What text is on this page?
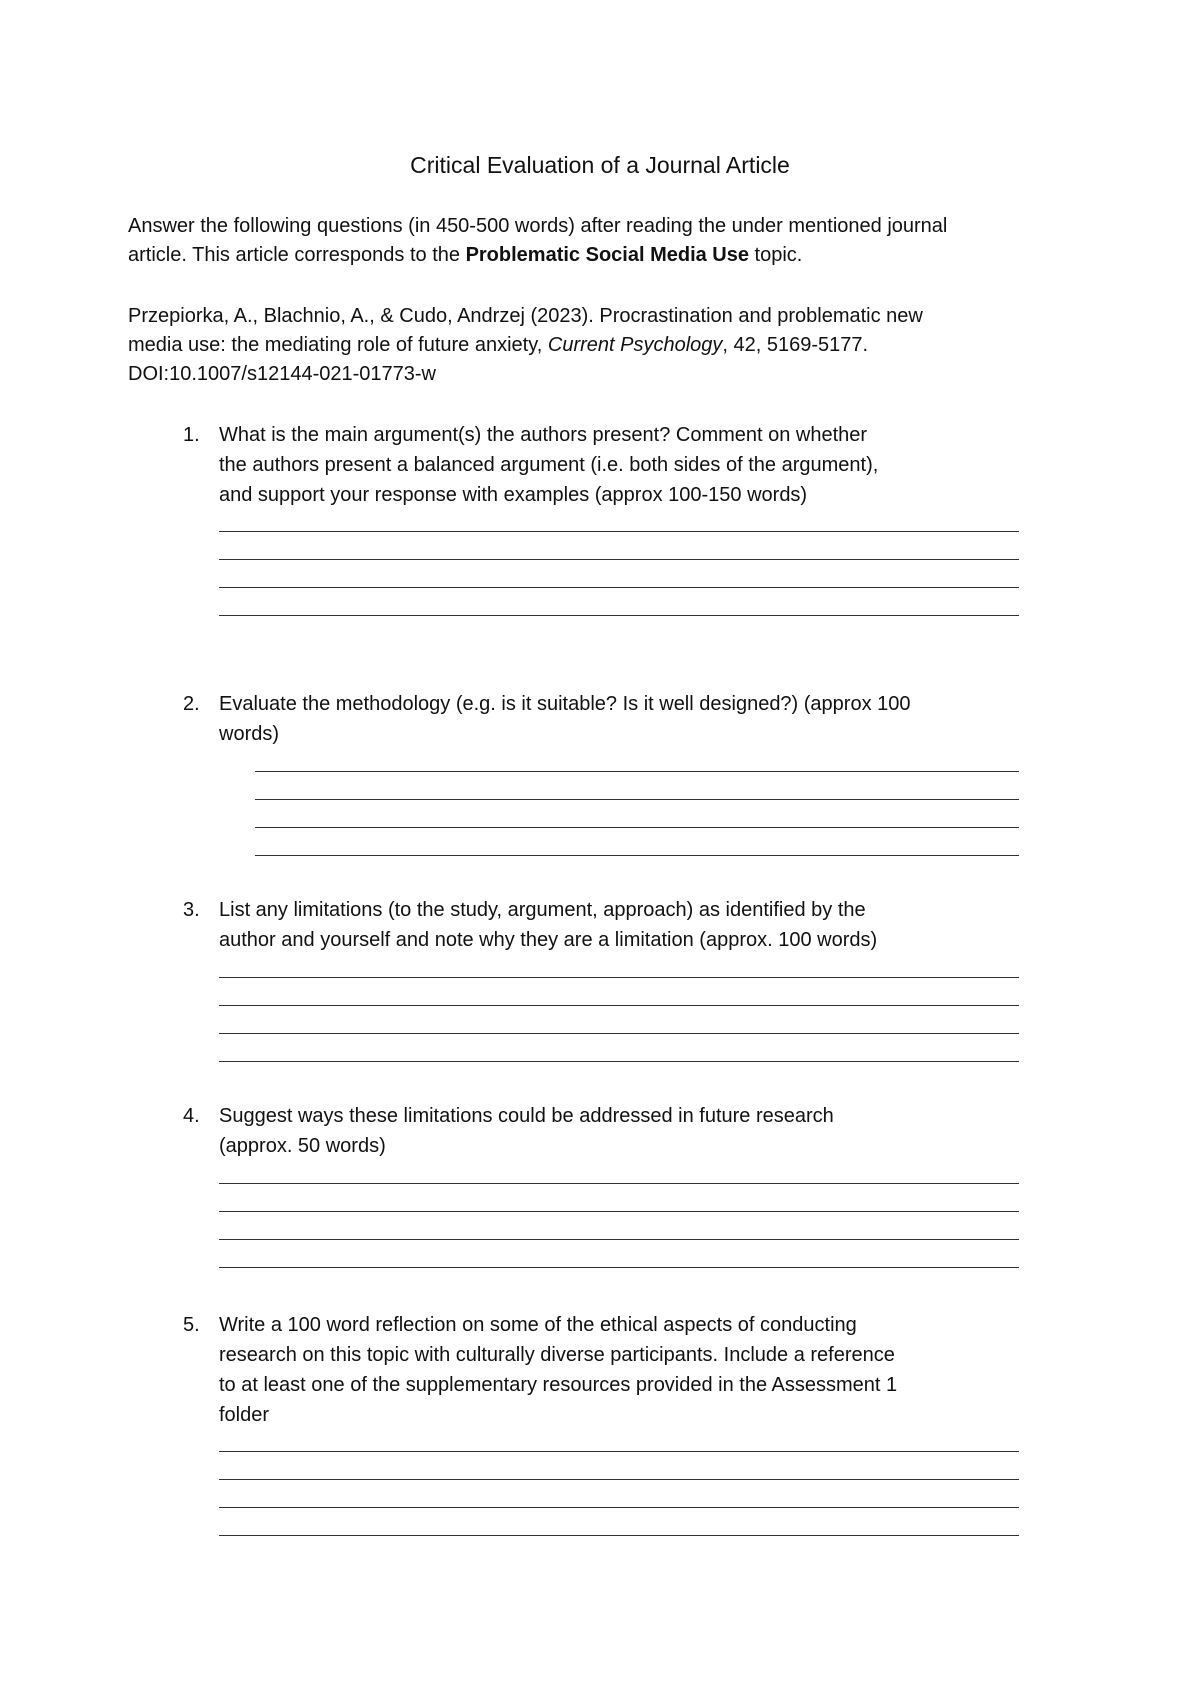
Critical Evaluation of a Journal Article
Answer the following questions (in 450-500 words) after reading the under mentioned journal
article. This article corresponds to the Problematic Social Media Use topic.
Przepiorka, A., Blachnio, A., & Cudo, Andrzej (2023). Procrastination and problematic new
media use: the mediating role of future anxiety, Current Psychology, 42, 5169-5177.
DOI:10.1007/s12144-021-01773-w
1. What is the main argument(s) the authors present? Comment on whether
the authors present a balanced argument (i.e. both sides of the argument),
and support your response with examples (approx 100-150 words)
2. Evaluate the methodology (e.g. is it suitable? Is it well designed?) (approx 100
words)
3. List any limitations (to the study, argument, approach) as identified by the
author and yourself and note why they are a limitation (approx. 100 words)
4. Suggest ways these limitations could be addressed in future research
(approx. 50 words)
5. Write a 100 word reflection on some of the ethical aspects of conducting
research on this topic with culturally diverse participants. Include a reference
to at least one of the supplementary resources provided in the Assessment 1
folder
